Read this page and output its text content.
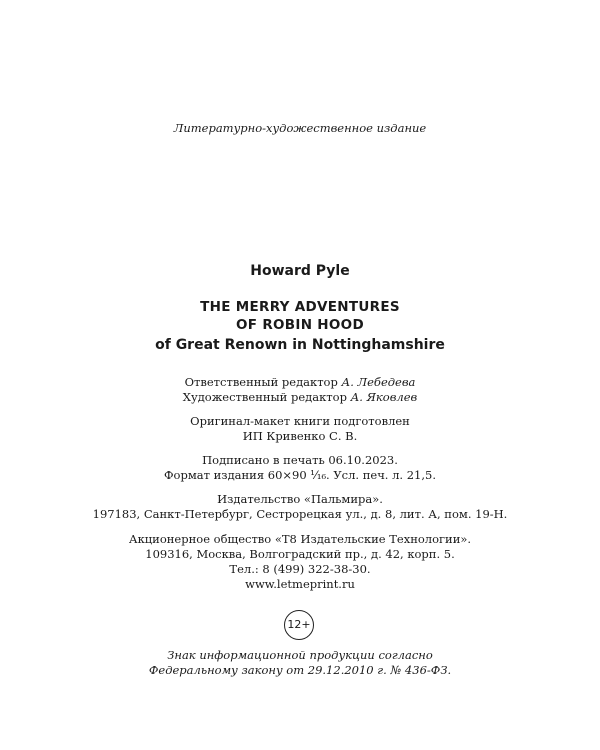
Литературно-художественное издание
Howard Pyle
THE MERRY ADVENTURES
OF ROBIN HOOD
of Great Renown in Nottinghamshire
Ответственный редактор А. Лебедева
Художественный редактор А. Яковлев
Оригинал-макет книги подготовлен
ИП Кривенко С. В.
Подписано в печать 06.10.2023.
Формат издания 60×90 ¹⁄₁₆. Усл. печ. л. 21,5.
Издательство «Пальмира».
197183, Санкт-Петербург, Сестрорецкая ул., д. 8, лит. А, пом. 19-Н.
Акционерное общество «Т8 Издательские Технологии».
109316, Москва, Волгоградский пр., д. 42, корп. 5.
Тел.: 8 (499) 322-38-30.
www.letmeprint.ru
12+
Знак информационной продукции согласно
Федеральному закону от 29.12.2010 г. № 436-ФЗ.
